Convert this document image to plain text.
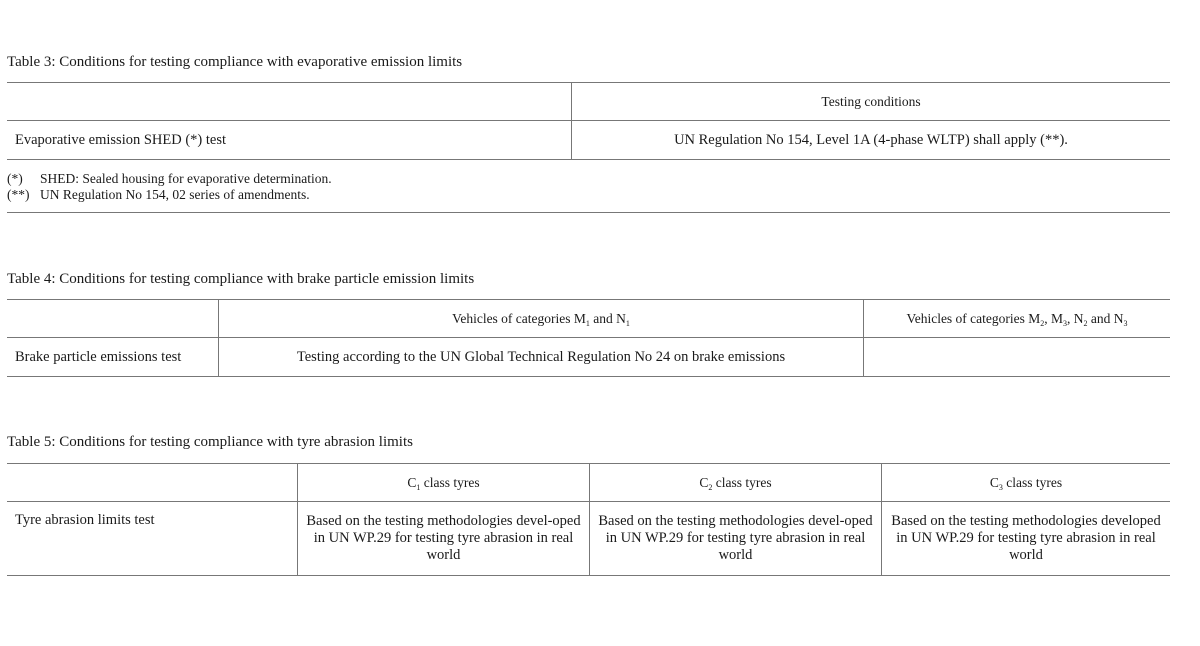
Table 3: Conditions for testing compliance with evaporative emission limits
	Testing conditions
Evaporative emission SHED (*) test	UN Regulation No 154, Level 1A (4-phase WLTP) shall apply (**).
(*)	SHED: Sealed housing for evaporative determination.
(**) UN Regulation No 154, 02 series of amendments.
Table 4: Conditions for testing compliance with brake particle emission limits
	Vehicles of categories $M_1$ and $N_1$	Vehicles of categories $M_2$, $M_3$, $N_2$ and $N_3$
Brake particle emissions test	Testing according to the UN Global Technical Regulation No 24 on brake emissions	
Table 5: Conditions for testing compliance with tyre abrasion limits
	$C_1$ class tyres	$C_2$ class tyres	$C_3$ class tyres
Tyre abrasion limits test	Based on the testing methodologies devel-oped in UN WP.29 for testing tyre abrasion in real world	Based on the testing methodologies devel-oped in UN WP.29 for testing tyre abrasion in real world	Based on the testing methodologies developed in UN WP.29 for testing tyre abrasion in real world
